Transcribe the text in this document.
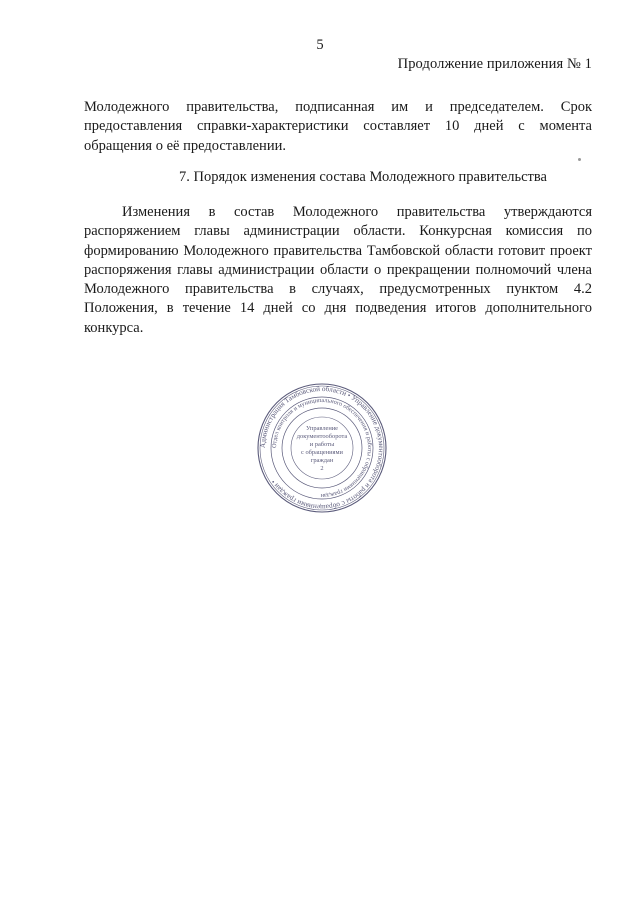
5
Продолжение приложения № 1

Молодежного правительства, подписанная им и председателем. Срок предоставления справки-характеристики составляет 10 дней с момента обращения о её предоставлении.

7. Порядок изменения состава Молодежного правительства

Изменения в состав Молодежного правительства утверждаются распоряжением главы администрации области. Конкурсная комиссия по формированию Молодежного правительства Тамбовской области готовит проект распоряжения главы администрации области о прекращении полномочий члена Молодежного правительства в случаях, предусмотренных пунктом 4.2 Положения, в течение 14 дней со дня подведения итогов дополнительного конкурса.

Администрация Тамбовской области • Управление документооборота и работы с обращениями граждан •
Отдел контроля и муниципального обеспечения и работы с обращениями граждан
Управление
документооборота
и работы
с обращениями
граждан
2
